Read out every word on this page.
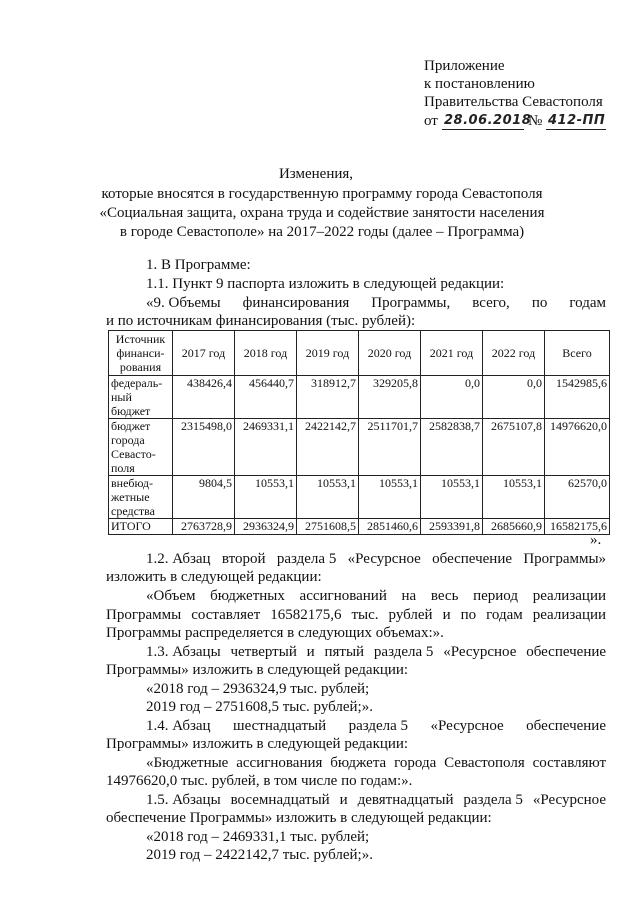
Приложение
к постановлению
Правительства Севастополя
от 28.06.2018
№ 412-ПП
Изменения,
которые вносятся в государственную программу города Севастополя
«Социальная защита, охрана труда и содействие занятости населения
в городе Севастополе» на 2017–2022 годы (далее – Программа)
1. В Программе:
1.1. Пункт 9 паспорта изложить в следующей редакции:
«9. Объемы финансирования Программы, всего, по годам
и по источникам финансирования (тыс. рублей):
Источник финанси- рования	2017 год	2018 год	2019 год	2020 год	2021 год	2022 год	Всего
федераль- ный бюджет	438426,4	456440,7	318912,7	329205,8	0,0	0,0	1542985,6
бюджет города Севасто- поля	2315498,0	2469331,1	2422142,7	2511701,7	2582838,7	2675107,8	14976620,0
внебюд- жетные средства	9804,5	10553,1	10553,1	10553,1	10553,1	10553,1	62570,0
ИТОГО	2763728,9	2936324,9	2751608,5	2851460,6	2593391,8	2685660,9	16582175,6
».
1.2. Абзац второй раздела 5 «Ресурсное обеспечение Программы»
изложить в следующей редакции:
«Объем бюджетных ассигнований на весь период реализации
Программы составляет 16582175,6 тыс. рублей и по годам реализации
Программы распределяется в следующих объемах:».
1.3. Абзацы четвертый и пятый раздела 5 «Ресурсное обеспечение
Программы» изложить в следующей редакции:
«2018 год – 2936324,9 тыс. рублей;
2019 год – 2751608,5 тыс. рублей;».
1.4. Абзац шестнадцатый раздела 5 «Ресурсное обеспечение
Программы» изложить в следующей редакции:
«Бюджетные ассигнования бюджета города Севастополя составляют
14976620,0 тыс. рублей, в том числе по годам:».
1.5. Абзацы восемнадцатый и девятнадцатый раздела 5 «Ресурсное
обеспечение Программы» изложить в следующей редакции:
«2018 год – 2469331,1 тыс. рублей;
2019 год – 2422142,7 тыс. рублей;».
